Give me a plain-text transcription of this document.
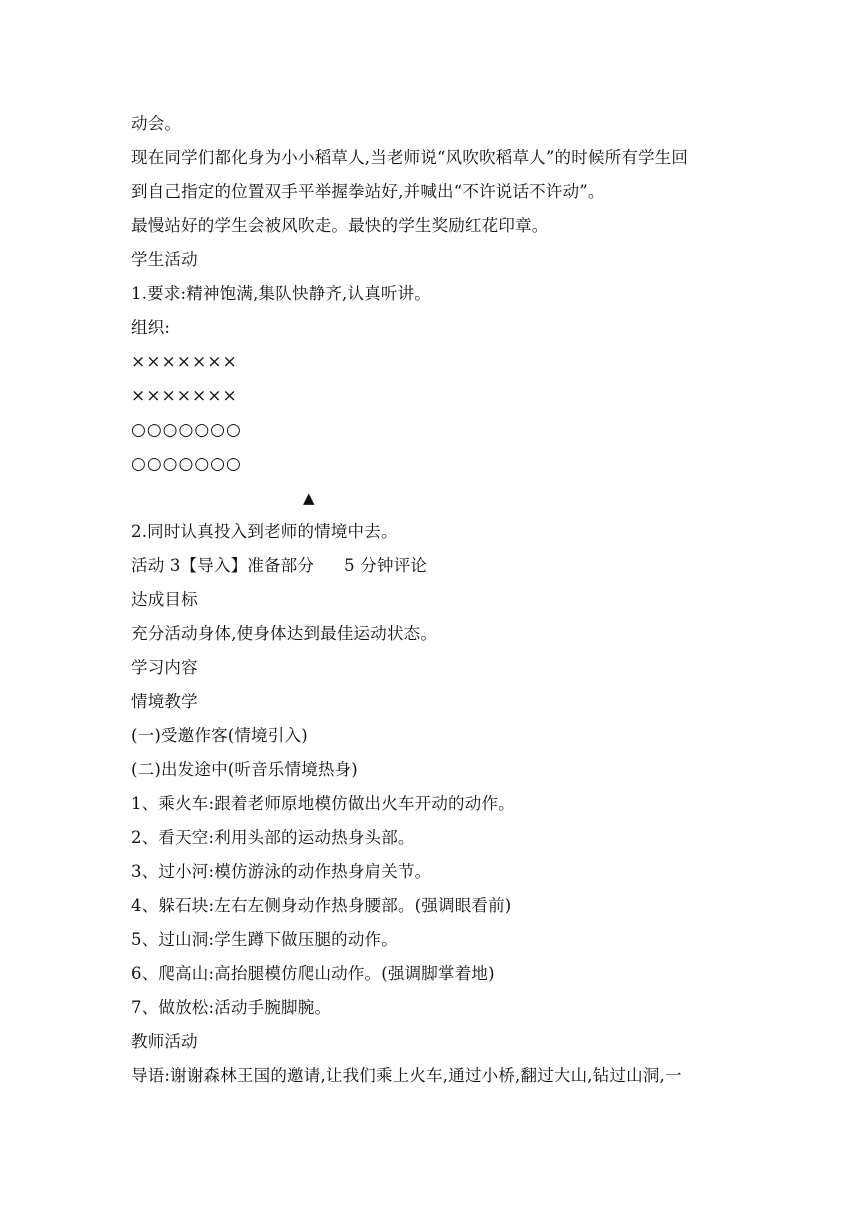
动会。
现在同学们都化身为小小稻草人,当老师说“风吹吹稻草人”的时候所有学生回
到自己指定的位置双手平举握拳站好,并喊出“不许说话不许动”。
最慢站好的学生会被风吹走。最快的学生奖励红花印章。
学生活动
1.要求:精神饱满,集队快静齐,认真听讲。
组织:
×××××××
×××××××
○○○○○○○
○○○○○○○
▲
2.同时认真投入到老师的情境中去。
活动 3【导入】准备部分 5 分钟评论
达成目标
充分活动身体,使身体达到最佳运动状态。
学习内容
情境教学
(一)受邀作客(情境引入)
(二)出发途中(听音乐情境热身)
1、乘火车:跟着老师原地模仿做出火车开动的动作。
2、看天空:利用头部的运动热身头部。
3、过小河:模仿游泳的动作热身肩关节。
4、躲石块:左右左侧身动作热身腰部。(强调眼看前)
5、过山洞:学生蹲下做压腿的动作。
6、爬高山:高抬腿模仿爬山动作。(强调脚掌着地)
7、做放松:活动手腕脚腕。
教师活动
导语:谢谢森林王国的邀请,让我们乘上火车,通过小桥,翻过大山,钻过山洞,一
